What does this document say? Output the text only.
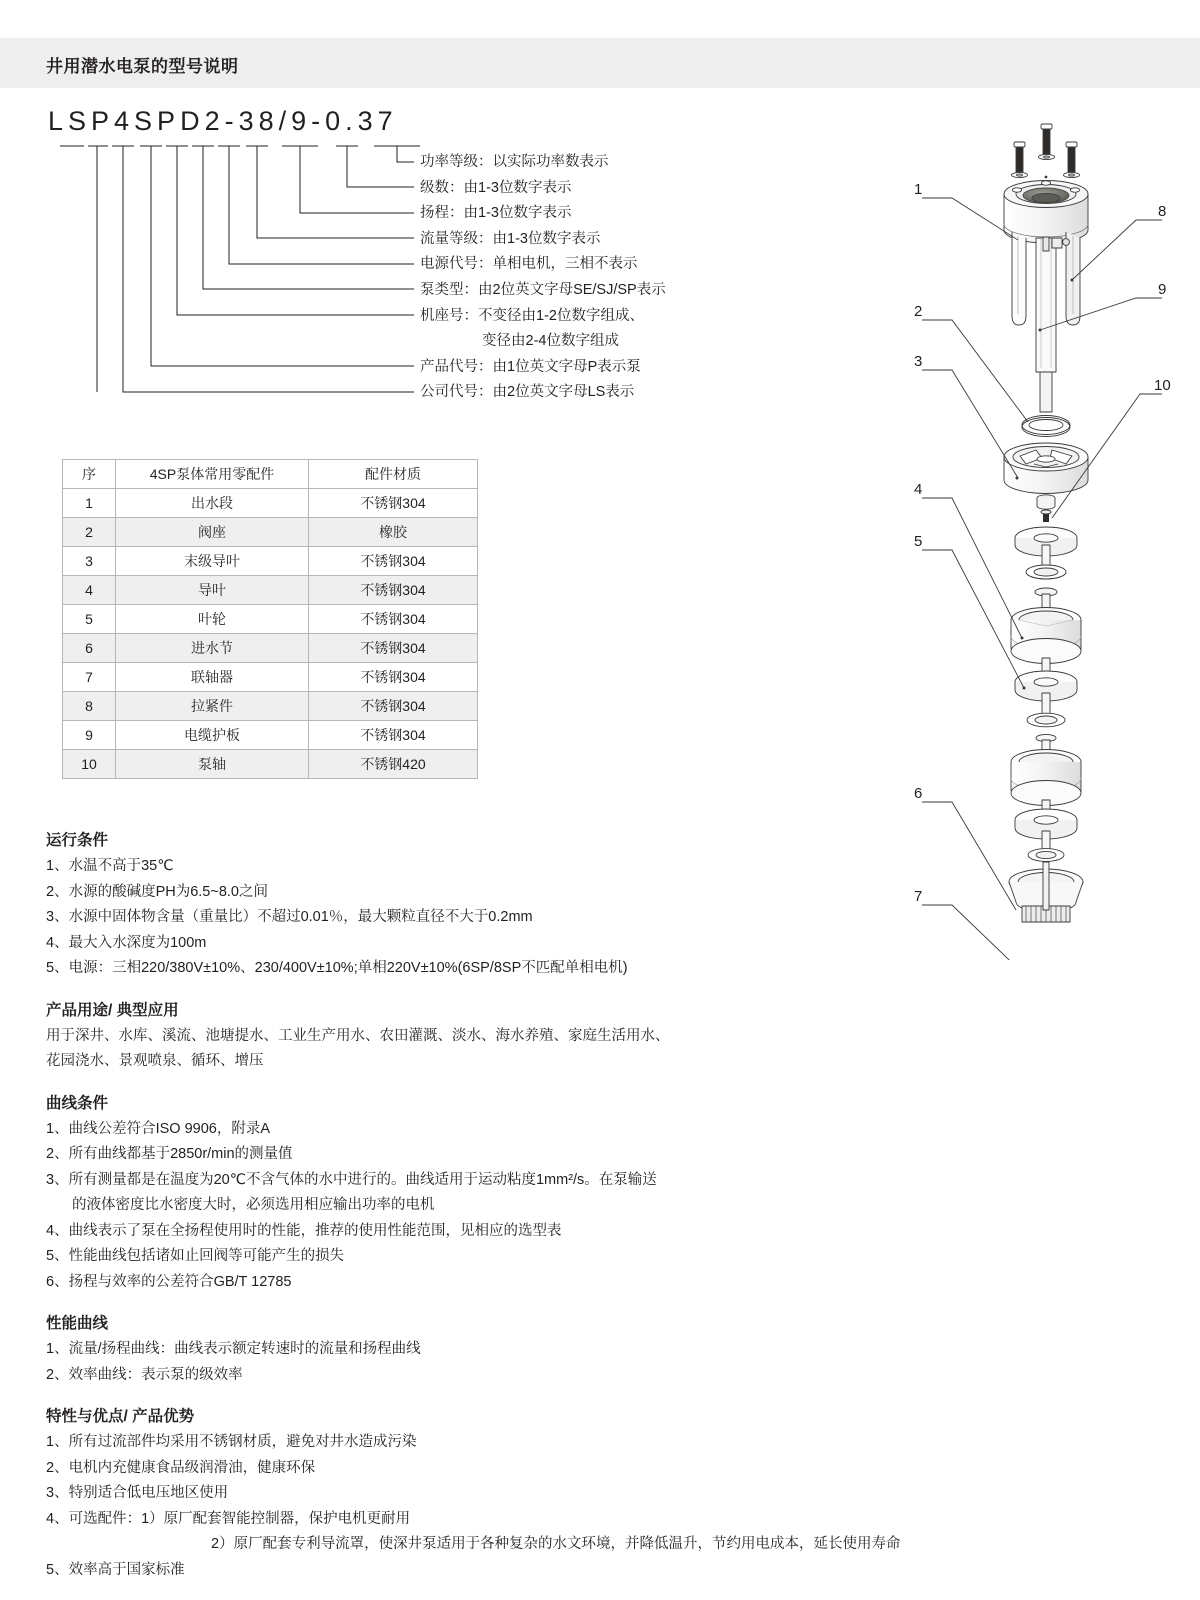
井用潜水电泵的型号说明
LSP4SPD2-38/9-0.37
功率等级：以实际功率数表示
级数：由1-3位数字表示
扬程：由1-3位数字表示
流量等级：由1-3位数字表示
电源代号：单相电机，三相不表示
泵类型：由2位英文字母SE/SJ/SP表示
机座号：不变径由1-2位数字组成、
变径由2-4位数字组成
产品代号：由1位英文字母P表示泵
公司代号：由2位英文字母LS表示
序	4SP泵体常用零配件	配件材质
1	出水段	不锈钢304
2	阀座	橡胶
3	末级导叶	不锈钢304
4	导叶	不锈钢304
5	叶轮	不锈钢304
6	进水节	不锈钢304
7	联轴器	不锈钢304
8	拉紧件	不锈钢304
9	电缆护板	不锈钢304
10	泵轴	不锈钢420
运行条件
1、水温不高于35℃
2、水源的酸碱度PH为6.5~8.0之间
3、水源中固体物含量（重量比）不超过0.01％，最大颗粒直径不大于0.2mm
4、最大入水深度为100m
5、电源：三相220/380V±10%、230/400V±10%;单相220V±10%(6SP/8SP不匹配单相电机)
产品用途/ 典型应用
用于深井、水库、溪流、池塘提水、工业生产用水、农田灌溉、淡水、海水养殖、家庭生活用水、
花园浇水、景观喷泉、循环、增压
曲线条件
1、曲线公差符合ISO 9906，附录A
2、所有曲线都基于2850r/min的测量值
3、所有测量都是在温度为20℃不含气体的水中进行的。曲线适用于运动粘度1mm²/s。在泵输送
的液体密度比水密度大时，必须选用相应输出功率的电机
4、曲线表示了泵在全扬程使用时的性能，推荐的使用性能范围，见相应的选型表
5、性能曲线包括诸如止回阀等可能产生的损失
6、扬程与效率的公差符合GB/T 12785
性能曲线
1、流量/扬程曲线：曲线表示额定转速时的流量和扬程曲线
2、效率曲线：表示泵的级效率
特性与优点/ 产品优势
1、所有过流部件均采用不锈钢材质，避免对井水造成污染
2、电机内充健康食品级润滑油，健康环保
3、特别适合低电压地区使用
4、可选配件：1）原厂配套智能控制器，保护电机更耐用
2）原厂配套专利导流罩，使深井泵适用于各种复杂的水文环境，并降低温升，节约用电成本，延长使用寿命
5、效率高于国家标准
1
2
3
4
5
6
7
8
9
10
